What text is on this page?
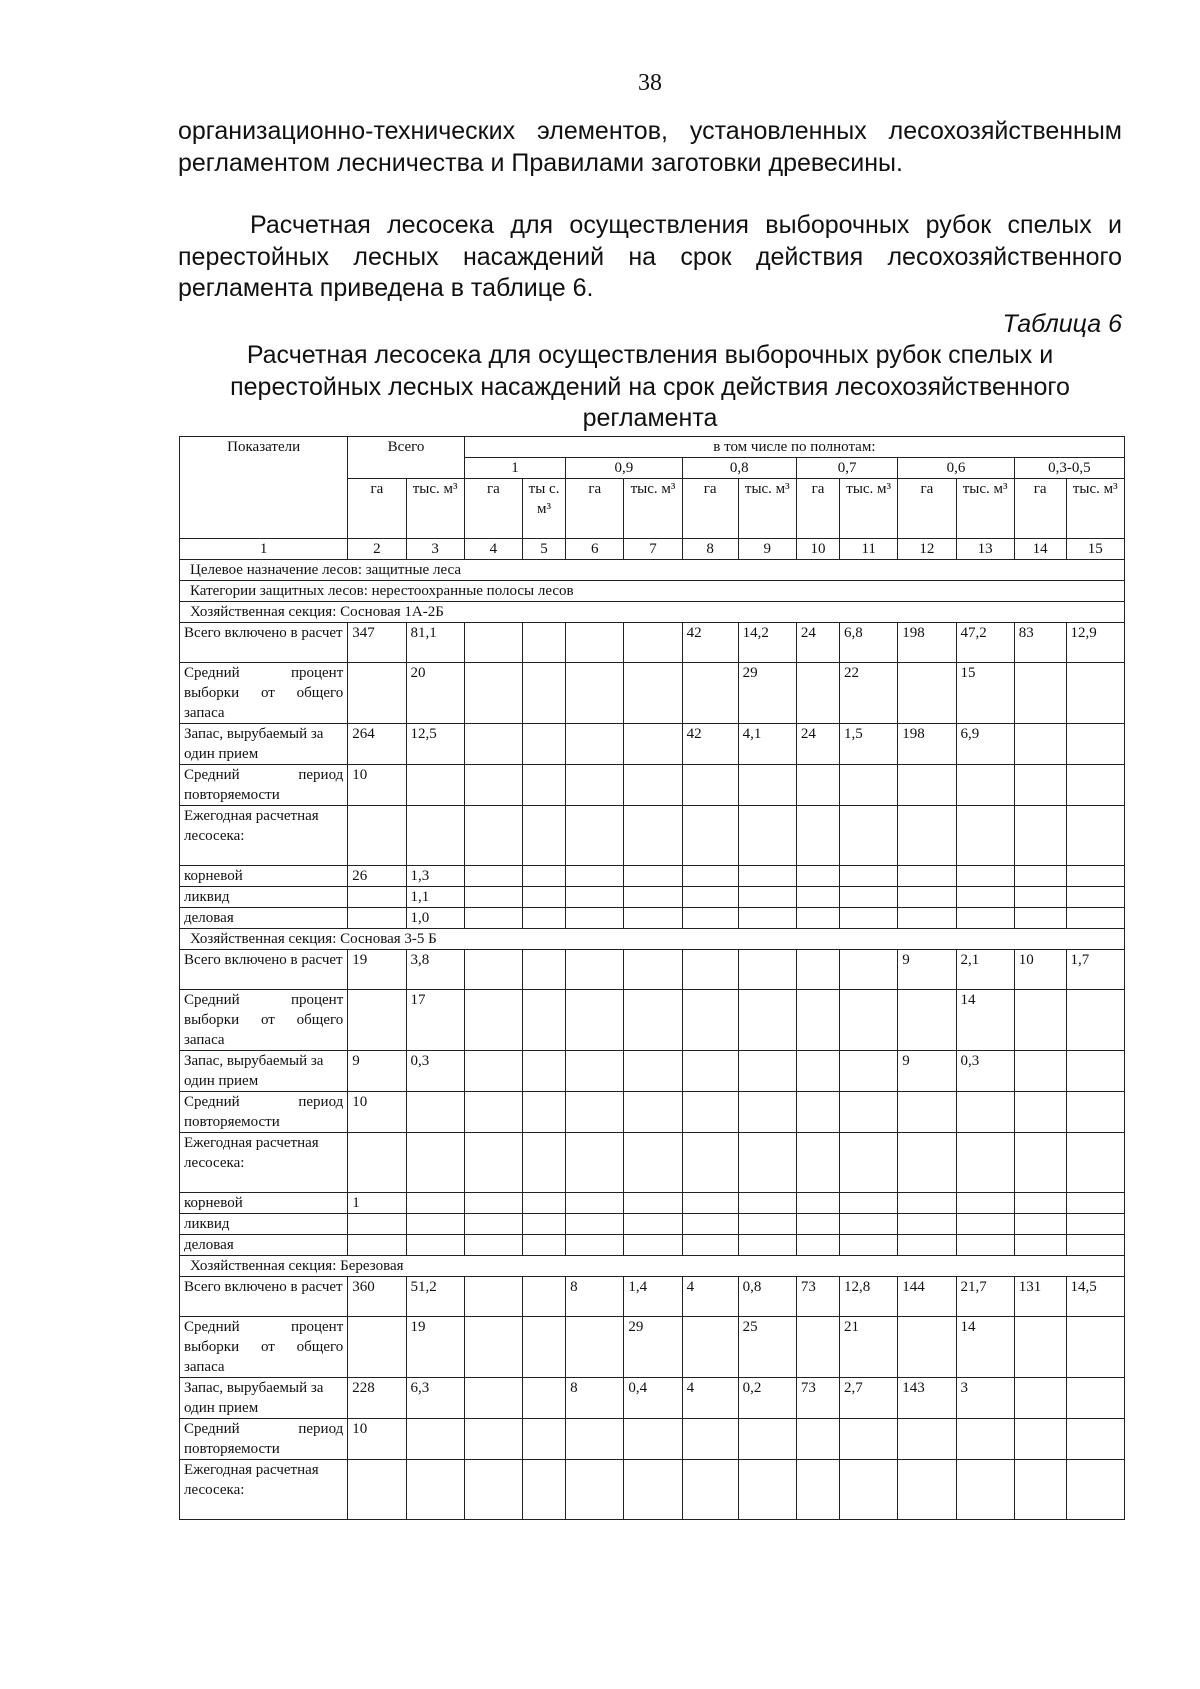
38
организационно-технических элементов, установленных лесохозяйственным регламентом лесничества и Правилами заготовки древесины.
Расчетная лесосека для осуществления выборочных рубок спелых и перестойных лесных насаждений на срок действия лесохозяйственного регламента приведена в таблице 6.
Таблица 6
Расчетная лесосека для осуществления выборочных рубок спелых и перестойных лесных насаждений на срок действия лесохозяйственного регламента
Показатели	Всего		в том числе по полнотам:											
			1		0,9		0,8		0,7		0,6		0,3-0,5	
	га	тыс. м³	га	ты с. м³	га	тыс. м³	га	тыс. м³	га	тыс. м³	га	тыс. м³	га	тыс. м³
1	2	3	4	5	6	7	8	9	10	11	12	13	14	15
Целевое назначение лесов: защитные леса														
Категории защитных лесов: нерестоохранные полосы лесов														
Хозяйственная секция: Сосновая 1А-2Б														
Всего включено в расчет	347	81,1					42	14,2	24	6,8	198	47,2	83	12,9
Средний процент выборки от общего запаса		20						29		22		15		
Запас, вырубаемый за один прием	264	12,5					42	4,1	24	1,5	198	6,9		
Средний период повторяемости	10													
Ежегодная расчетная лесосека:														
корневой	26	1,3												
ликвид		1,1												
деловая		1,0												
Хозяйственная секция: Сосновая 3-5 Б														
Всего включено в расчет	19	3,8									9	2,1	10	1,7
Средний процент выборки от общего запаса		17										14		
Запас, вырубаемый за один прием	9	0,3									9	0,3		
Средний период повторяемости	10													
Ежегодная расчетная лесосека:														
корневой	1													
ликвид														
деловая														
Хозяйственная секция: Березовая														
Всего включено в расчет	360	51,2			8	1,4	4	0,8	73	12,8	144	21,7	131	14,5
Средний процент выборки от общего запаса		19				29		25		21		14		
Запас, вырубаемый за один прием	228	6,3			8	0,4	4	0,2	73	2,7	143	3		
Средний период повторяемости	10													
Ежегодная расчетная лесосека:														
